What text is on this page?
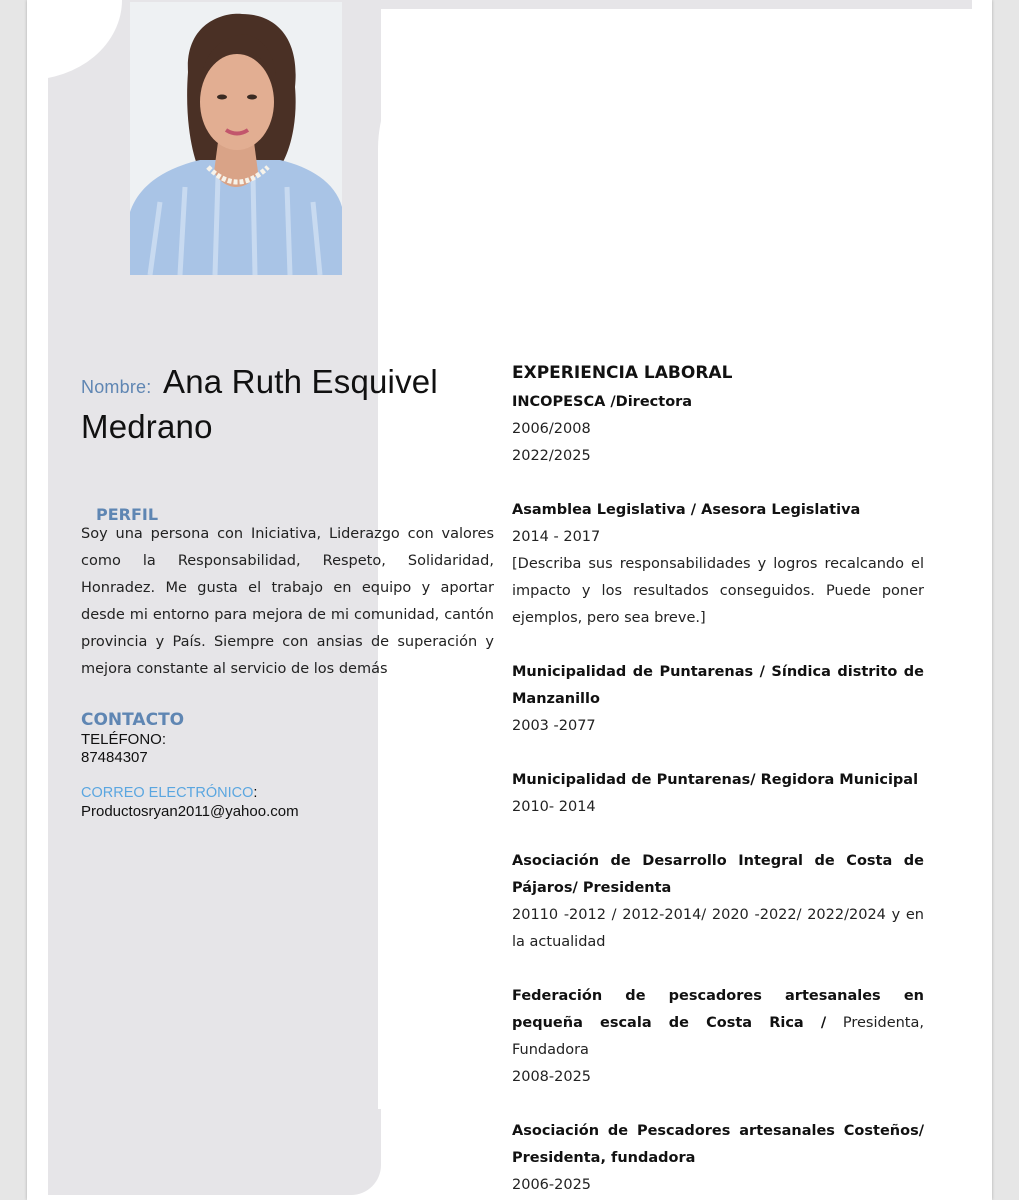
Nombre: Ana Ruth Esquivel Medrano
PERFIL
Soy una persona con Iniciativa, Liderazgo con valores como la Responsabilidad, Respeto, Solidaridad, Honradez. Me gusta el trabajo en equipo y aportar desde mi entorno para mejora de mi comunidad, cantón provincia y País. Siempre con ansias de superación y mejora constante al servicio de los demás
CONTACTO
TELÉFONO:
87484307
CORREO ELECTRÓNICO:
Productosryan2011@yahoo.com
EXPERIENCIA LABORAL

INCOPESCA /Directora

2006/2008

2022/2025

Asamblea Legislativa / Asesora Legislativa

2014 - 2017

[Describa sus responsabilidades y logros recalcando el impacto y los resultados conseguidos. Puede poner ejemplos, pero sea breve.]

Municipalidad de Puntarenas / Síndica distrito de Manzanillo

2003 -2077

Municipalidad de Puntarenas/ Regidora Municipal

2010- 2014

Asociación de Desarrollo Integral de Costa de Pájaros/ Presidenta

20110 -2012 / 2012-2014/ 2020 -2022/ 2022/2024 y en la actualidad

Federación de pescadores artesanales en pequeña escala de Costa Rica / Presidenta, Fundadora

2008-2025

Asociación de Pescadores artesanales Costeños/ Presidenta, fundadora

2006-2025
